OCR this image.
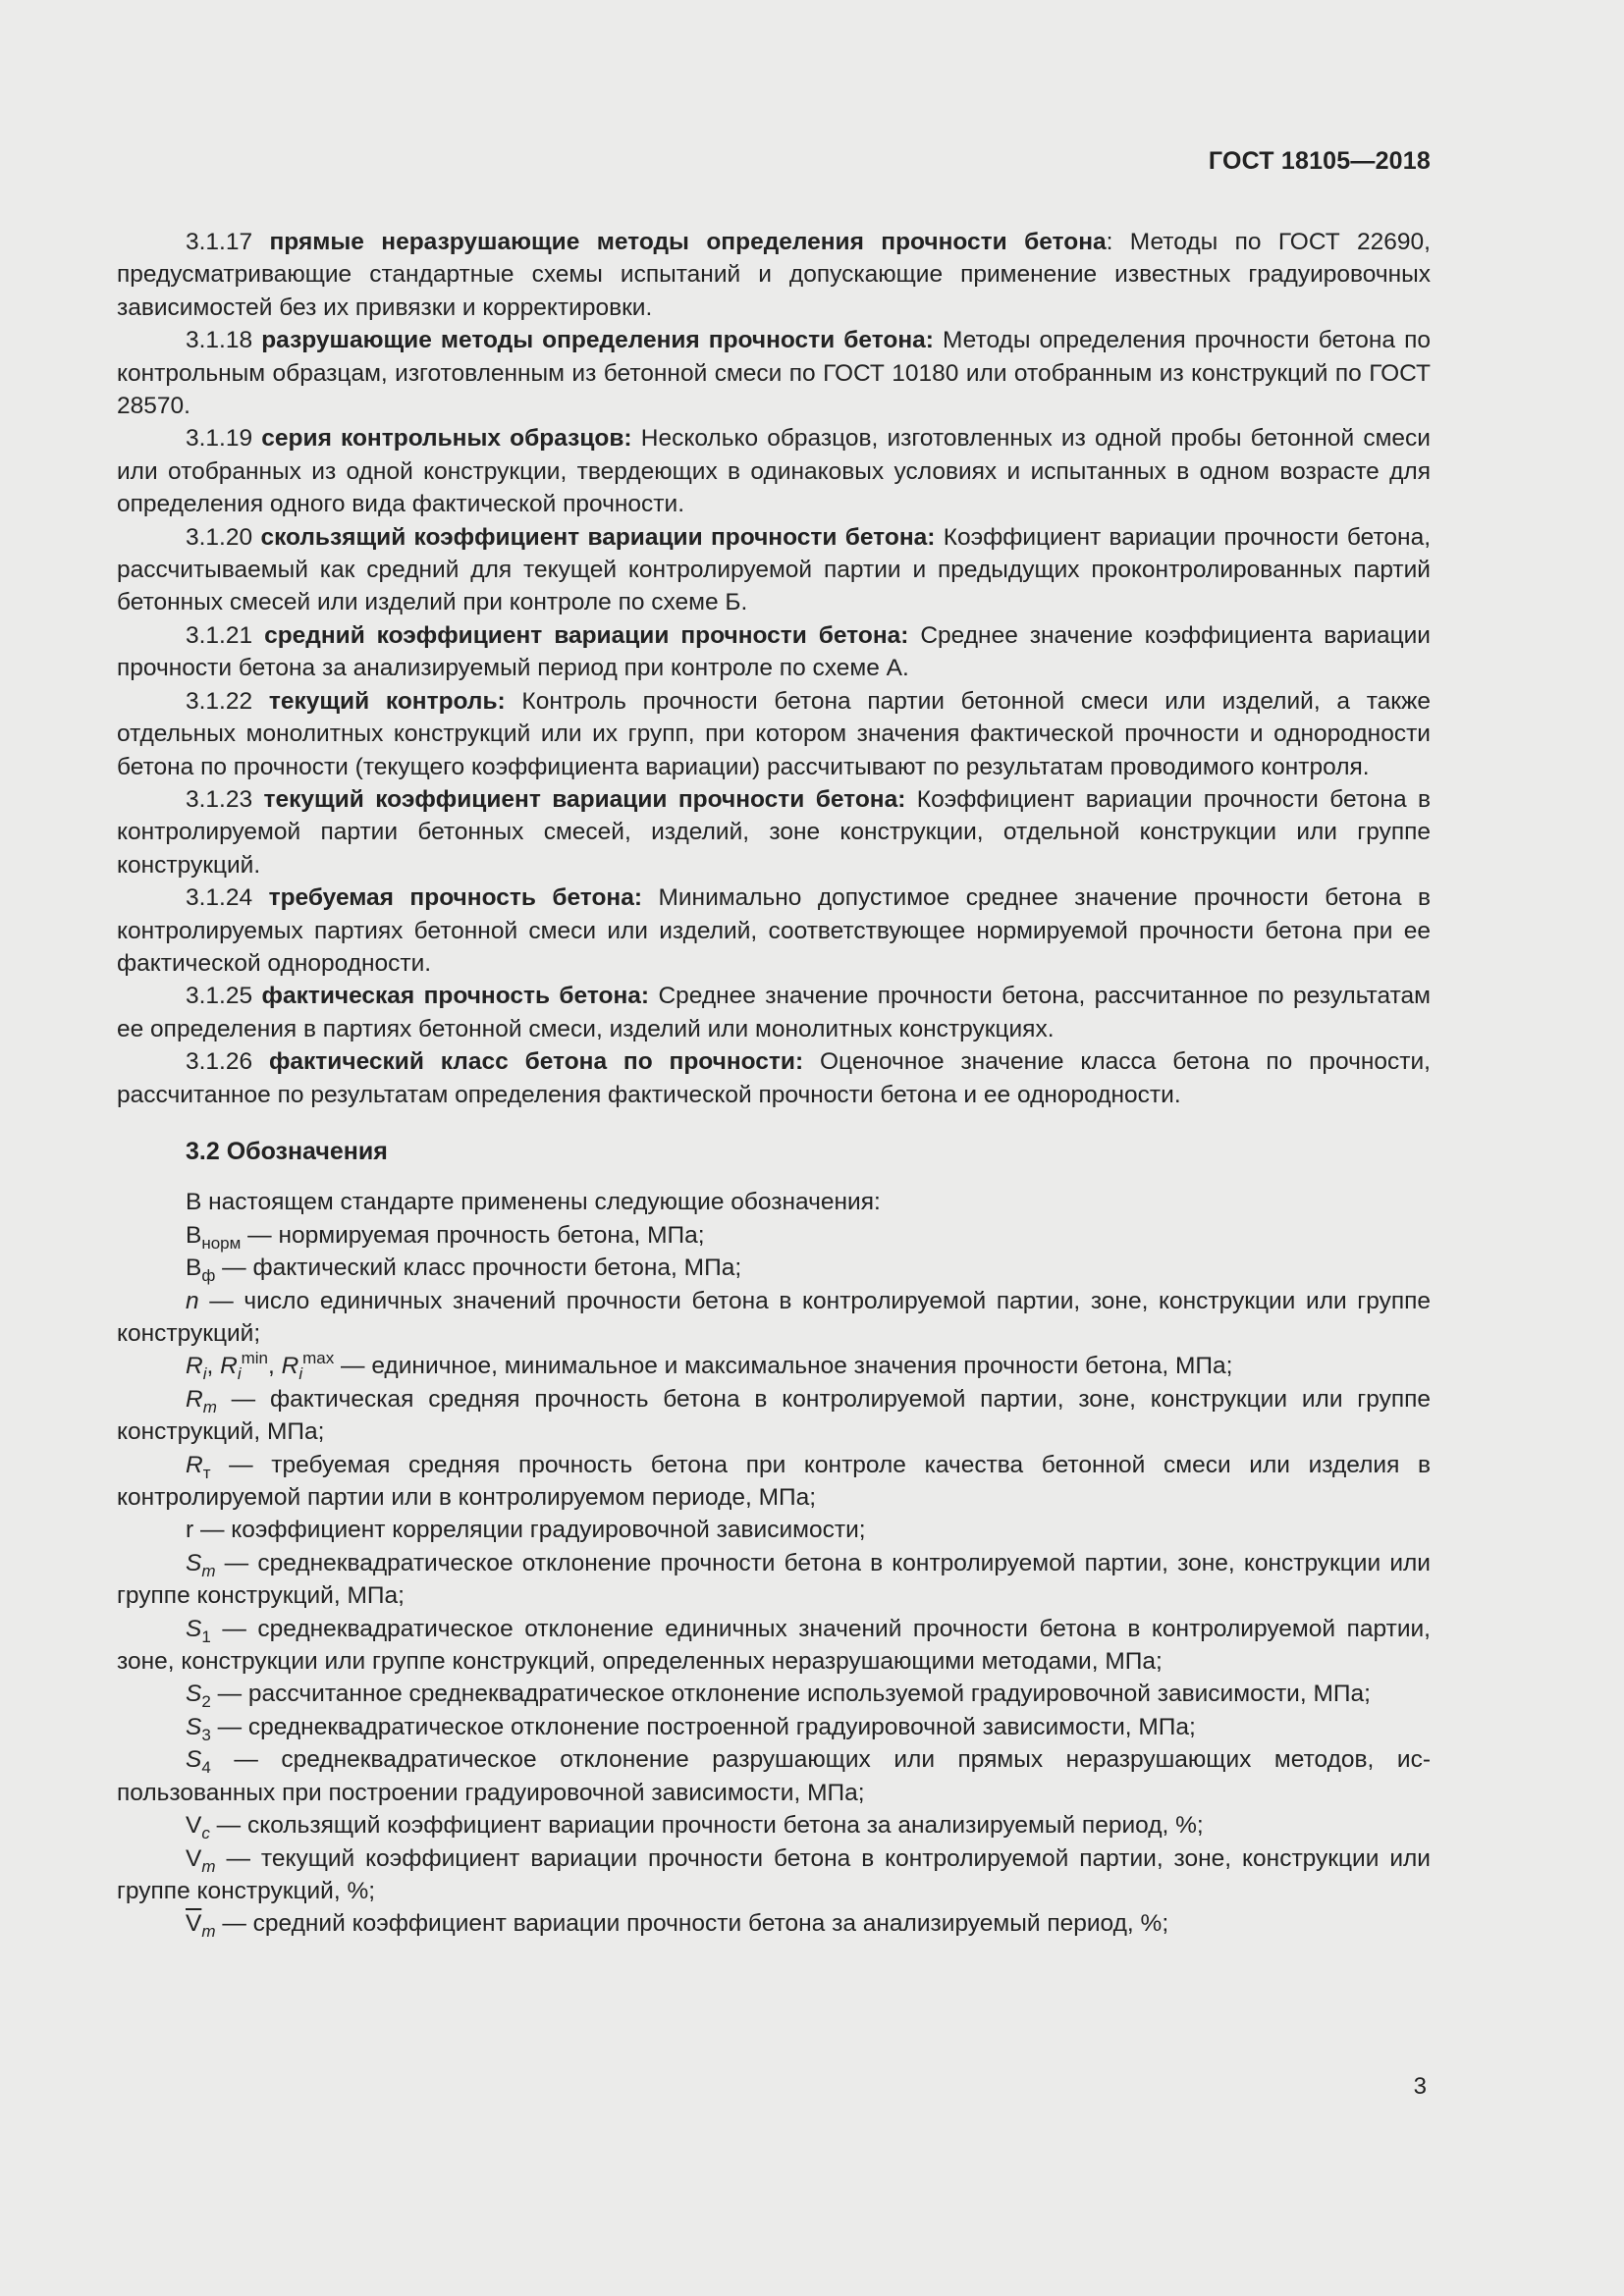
ГОСТ 18105—2018

3.1.17 прямые неразрушающие методы определения прочности бетона: Методы по ГОСТ 22690, предусматривающие стандартные схемы испытаний и допускающие применение известных градуировочных зависимостей без их привязки и корректировки.

3.1.18 разрушающие методы определения прочности бетона: Методы определения прочности бетона по контрольным образцам, изготовленным из бетонной смеси по ГОСТ 10180 или отобранным из конструкций по ГОСТ 28570.

3.1.19 серия контрольных образцов: Несколько образцов, изготовленных из одной пробы бетонной смеси или отобранных из одной конструкции, твердеющих в одинаковых условиях и испытанных в одном возрасте для определения одного вида фактической прочности.

3.1.20 скользящий коэффициент вариации прочности бетона: Коэффициент вариации прочности бетона, рассчитываемый как средний для текущей контролируемой партии и предыдущих проконтролированных партий бетонных смесей или изделий при контроле по схеме Б.

3.1.21 средний коэффициент вариации прочности бетона: Среднее значение коэффициента вариации прочности бетона за анализируемый период при контроле по схеме А.

3.1.22 текущий контроль: Контроль прочности бетона партии бетонной смеси или изделий, а также отдельных монолитных конструкций или их групп, при котором значения фактической прочности и однородности бетона по прочности (текущего коэффициента вариации) рассчитывают по результатам проводимого контроля.

3.1.23 текущий коэффициент вариации прочности бетона: Коэффициент вариации прочности бетона в контролируемой партии бетонных смесей, изделий, зоне конструкции, отдельной конструкции или группе конструкций.

3.1.24 требуемая прочность бетона: Минимально допустимое среднее значение прочности бетона в контролируемых партиях бетонной смеси или изделий, соответствующее нормируемой прочности бетона при ее фактической однородности.

3.1.25 фактическая прочность бетона: Среднее значение прочности бетона, рассчитанное по результатам ее определения в партиях бетонной смеси, изделий или монолитных конструкциях.

3.1.26 фактический класс бетона по прочности: Оценочное значение класса бетона по прочности, рассчитанное по результатам определения фактической прочности бетона и ее однородности.

3.2 Обозначения

В настоящем стандарте применены следующие обозначения:

$В_{норм}$ — нормируемая прочность бетона, МПа;

$В_ф$ — фактический класс прочности бетона, МПа;

n — число единичных значений прочности бетона в контролируемой партии, зоне, конструкции или группе конструкций;

$R_i$, $R_i^{min}$, $R_i^{max}$ — единичное, минимальное и максимальное значения прочности бетона, МПа;

$R_m$ — фактическая средняя прочность бетона в контролируемой партии, зоне, конструкции или группе конструкций, МПа;

$R_т$ — требуемая средняя прочность бетона при контроле качества бетонной смеси или изделия в контролируемой партии или в контролируемом периоде, МПа;

r — коэффициент корреляции градуировочной зависимости;

$S_m$ — среднеквадратическое отклонение прочности бетона в контролируемой партии, зоне, конструкции или группе конструкций, МПа;

$S_1$ — среднеквадратическое отклонение единичных значений прочности бетона в контролируемой партии, зоне, конструкции или группе конструкций, определенных неразрушающими методами, МПа;

$S_2$ — рассчитанное среднеквадратическое отклонение используемой градуировочной зависимости, МПа;

$S_3$ — среднеквадратическое отклонение построенной градуировочной зависимости, МПа;

$S_4$ — среднеквадратическое отклонение разрушающих или прямых неразрушающих методов, использованных при построении градуировочной зависимости, МПа;

$V_c$ — скользящий коэффициент вариации прочности бетона за анализируемый период, %;

$V_m$ — текущий коэффициент вариации прочности бетона в контролируемой партии, зоне, конструкции или группе конструкций, %;

$\overline{V}_m$ — средний коэффициент вариации прочности бетона за анализируемый период, %;

3
